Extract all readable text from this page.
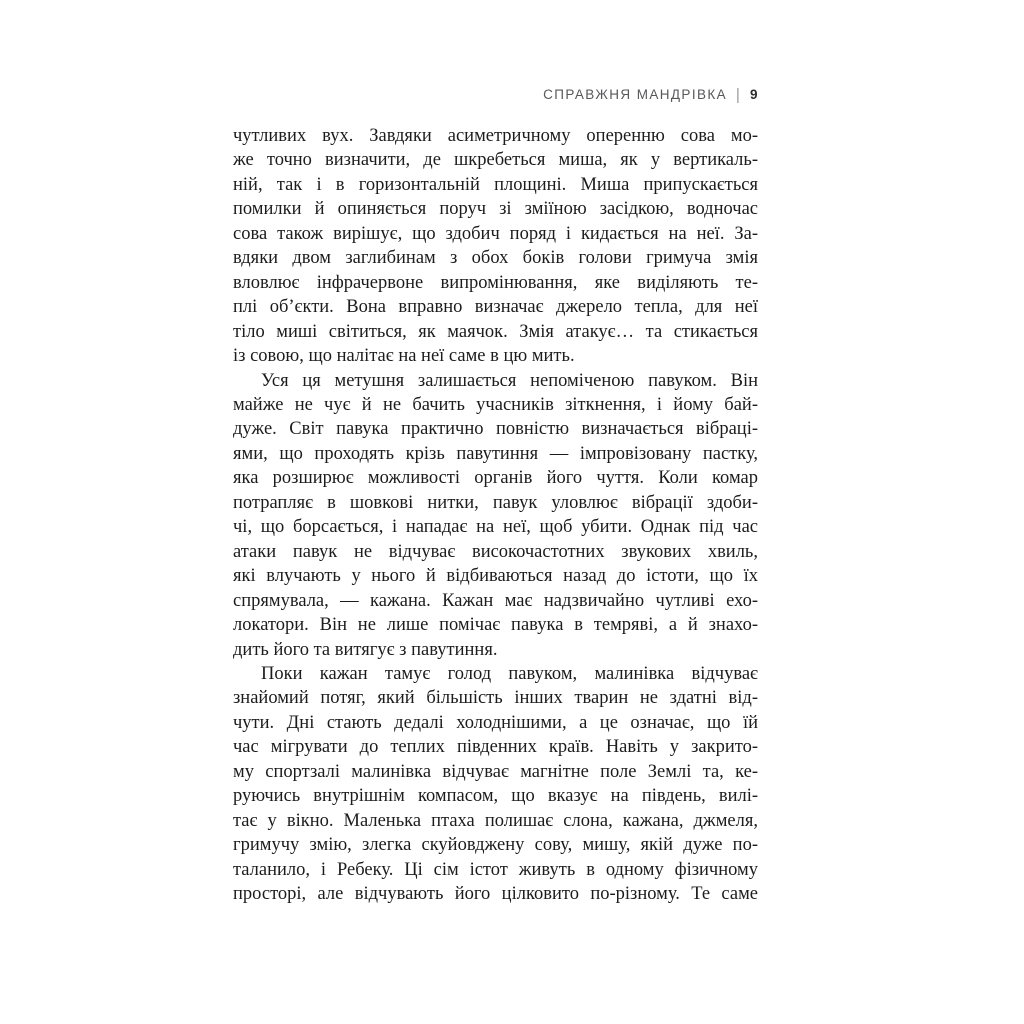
СПРАВЖНЯ МАНДРІВКА | 9
чутливих вух. Завдяки асиметричному оперенню сова мо-
же точно визначити, де шкребеться миша, як у вертикаль-
ній, так і в горизонтальній площині. Миша припускається
помилки й опиняється поруч зі зміїною засідкою, водночас
сова також вирішує, що здобич поряд і кидається на неї. За-
вдяки двом заглибинам з обох боків голови гримуча змія
вловлює інфрачервоне випромінювання, яке виділяють те-
плі об’єкти. Вона вправно визначає джерело тепла, для неї
тіло миші світиться, як маячок. Змія атакує… та стикається
із совою, що налітає на неї саме в цю мить.
Уся ця метушня залишається непоміченою павуком. Він
майже не чує й не бачить учасників зіткнення, і йому бай-
дуже. Світ павука практично повністю визначається вібраці-
ями, що проходять крізь павутиння — імпровізовану пастку,
яка розширює можливості органів його чуття. Коли комар
потрапляє в шовкові нитки, павук уловлює вібрації здоби-
чі, що борсається, і нападає на неї, щоб убити. Однак під час
атаки павук не відчуває високочастотних звукових хвиль,
які влучають у нього й відбиваються назад до істоти, що їх
спрямувала, — кажана. Кажан має надзвичайно чутливі ехо-
локатори. Він не лише помічає павука в темряві, а й знахо-
дить його та витягує з павутиння.
Поки кажан тамує голод павуком, малинівка відчуває
знайомий потяг, який більшість інших тварин не здатні від-
чути. Дні стають дедалі холоднішими, а це означає, що їй
час мігрувати до теплих південних країв. Навіть у закрито-
му спортзалі малинівка відчуває магнітне поле Землі та, ке-
руючись внутрішнім компасом, що вказує на південь, вилі-
тає у вікно. Маленька птаха полишає слона, кажана, джмеля,
гримучу змію, злегка скуйовджену сову, мишу, якій дуже по-
таланило, і Ребеку. Ці сім істот живуть в одному фізичному
просторі, але відчувають його цілковито по-різному. Те саме
